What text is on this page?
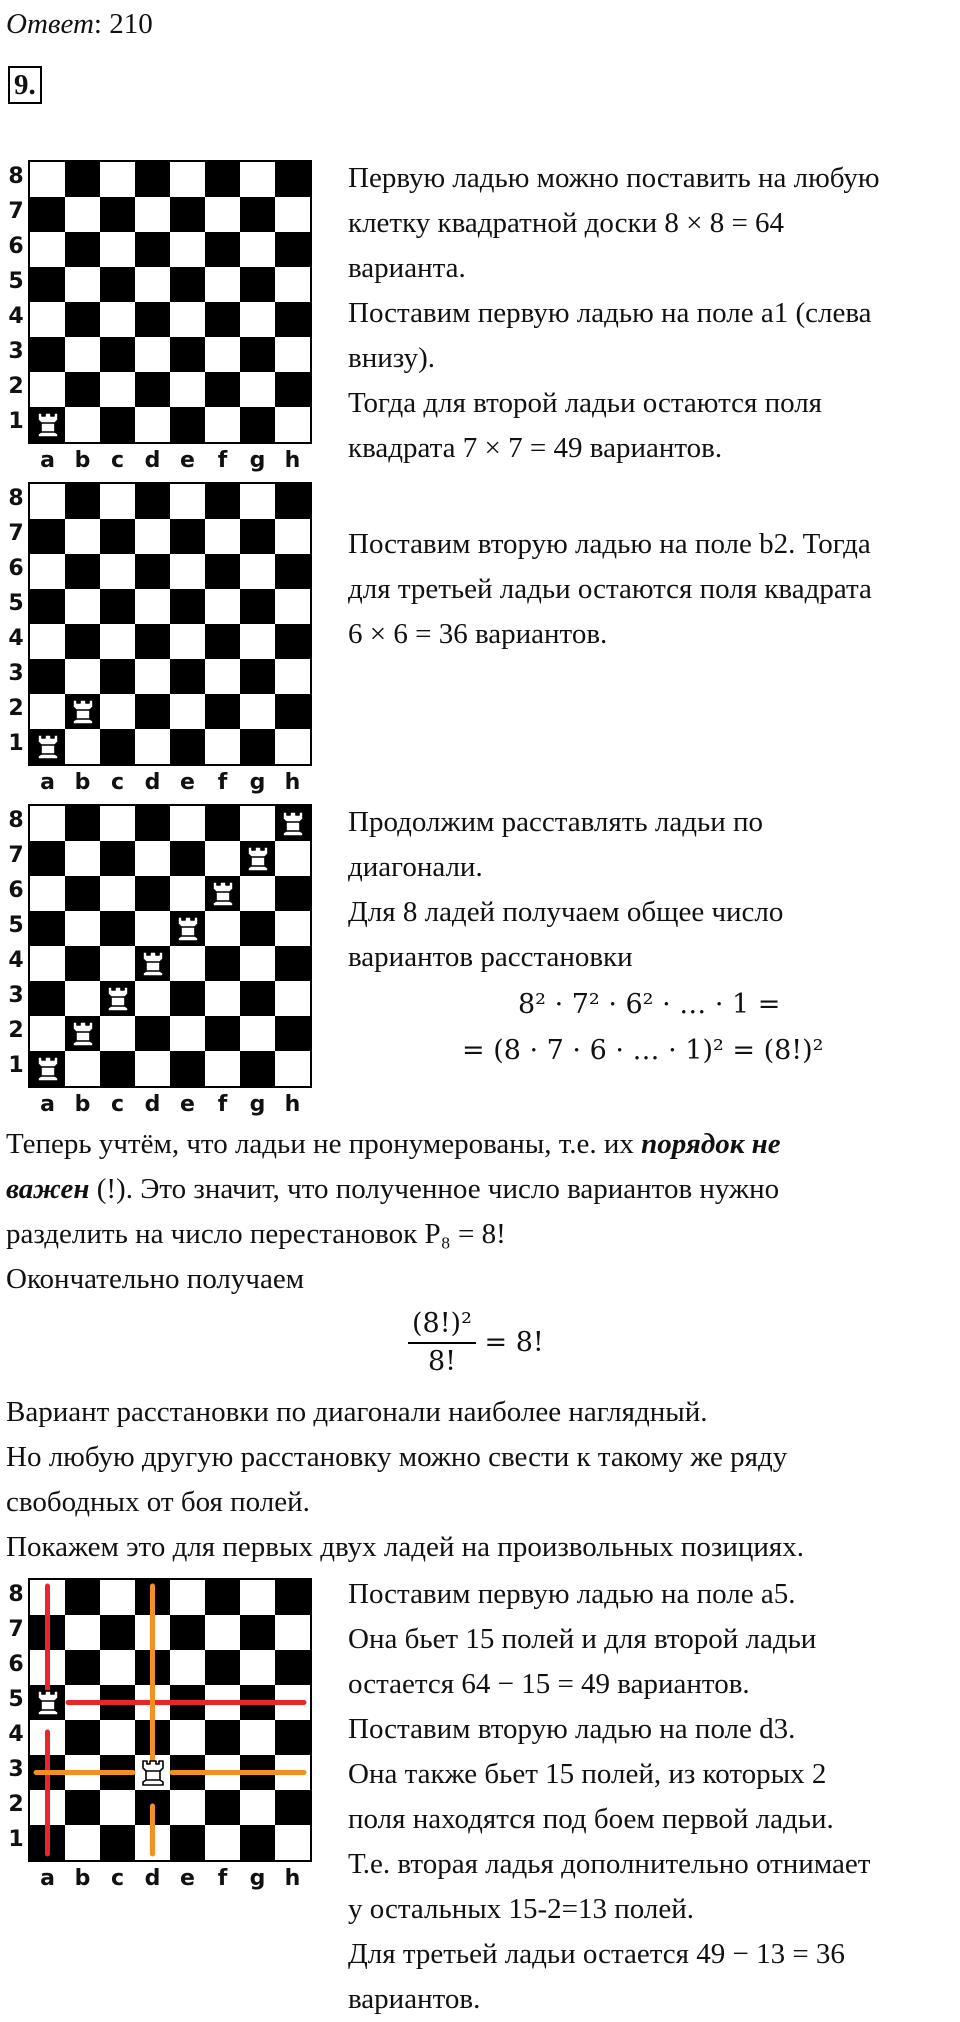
Ответ: 210
9.
8
7
6
5
4
3
2
1
a b c d e	f	g h
8
7
6
5
4
3
2
1
a b c d e	f	g h
8
7
6
5
4
3
2
1
a b c d e	f	g h
8
7
6
5
4
3
2
1
a b c d e	f	g h
Первую ладью можно поставить на любую
клетку квадратной доски 8 × 8 = 64
варианта.
Поставим первую ладью на поле a1 (слева
внизу).
Тогда для второй ладьи остаются поля
квадрата 7 × 7 = 49 вариантов.
Поставим вторую ладью на поле b2. Тогда
для третьей ладьи остаются поля квадрата
6 × 6 = 36 вариантов.
Продолжим расставлять ладьи по
диагонали.
Для 8 ладей получаем общее число
вариантов расстановки
8² · 7² · 6² · … · 1 =
= (8 · 7 · 6 · … · 1)² = (8!)²
Теперь учтём, что ладьи не пронумерованы, т.е. их порядок не
важен (!). Это значит, что полученное число вариантов нужно
разделить на число перестановок P₈ = 8!
Окончательно получаем
$\frac{\text{(8!)²}}{8!} = 8$!
Вариант расстановки по диагонали наиболее наглядный.
Но любую другую расстановку можно свести к такому же ряду
свободных от боя полей.
Покажем это для первых двух ладей на произвольных позициях.
Поставим первую ладью на поле a5.
Она бьет 15 полей и для второй ладьи
остается 64 − 15 = 49 вариантов.
Поставим вторую ладью на поле d3.
Она также бьет 15 полей, из которых 2
поля находятся под боем первой ладьи.
Т.е. вторая ладья дополнительно отнимает
у остальных 15-2=13 полей.
Для третьей ладьи остается 49 − 13 = 36
вариантов.
